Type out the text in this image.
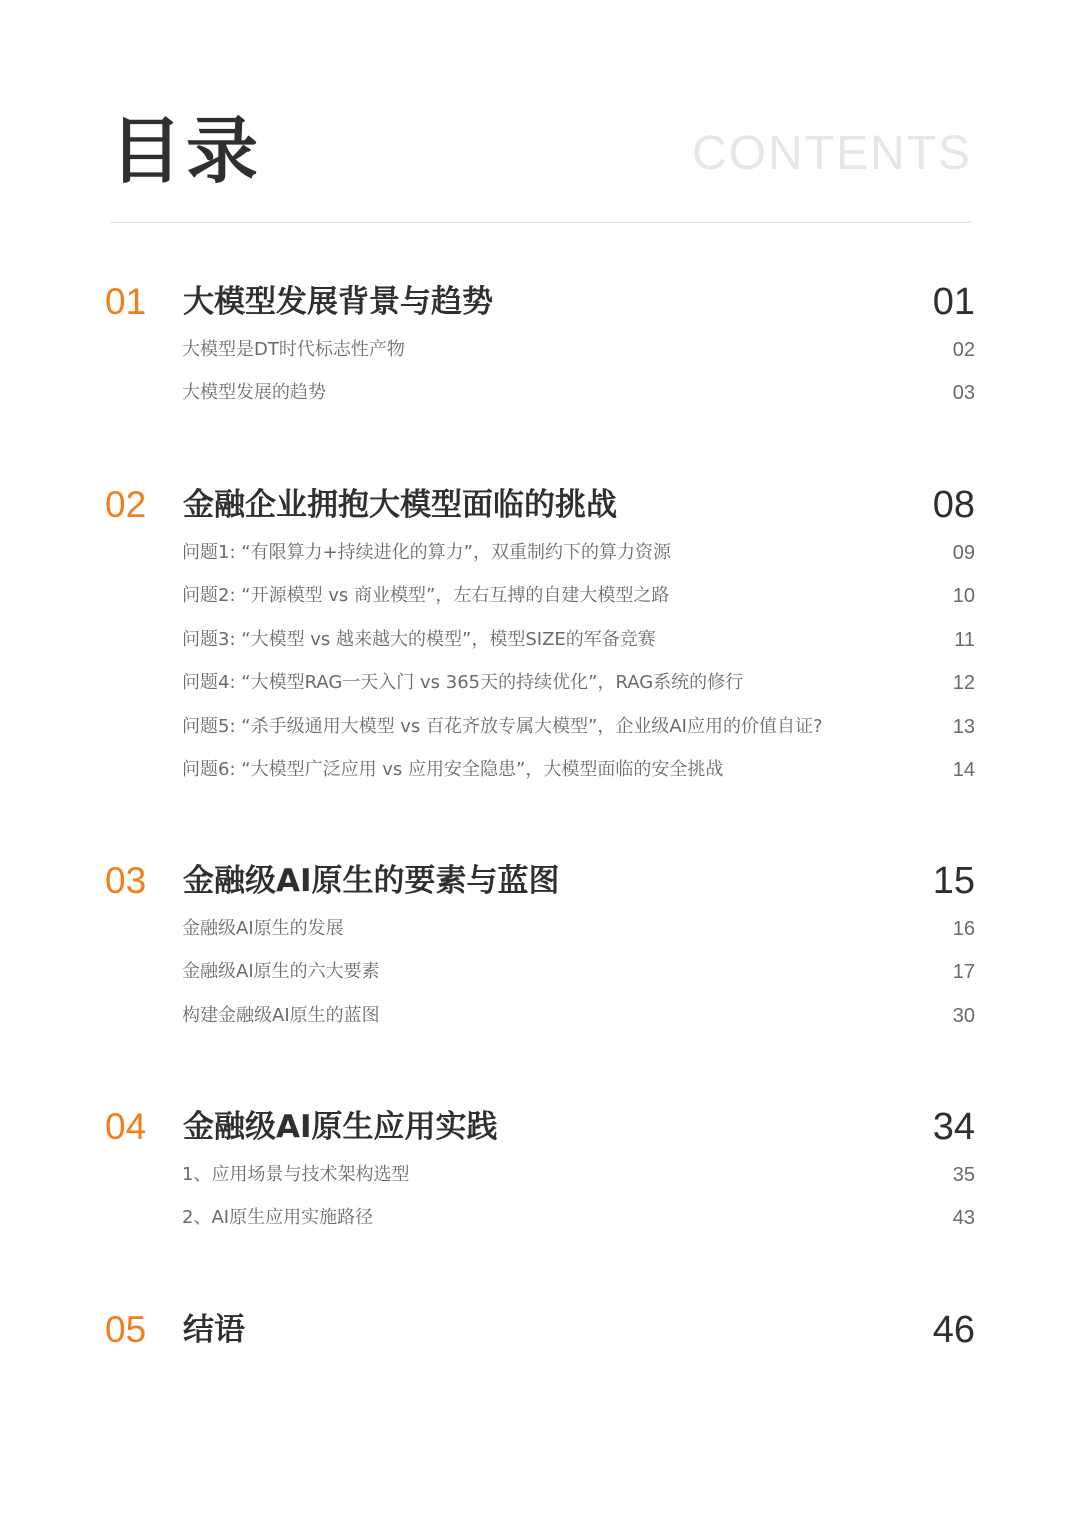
目录	CONTENTS
01 大模型发展背景与趋势	01
大模型是DT时代标志性产物	02
大模型发展的趋势	03
02 金融企业拥抱大模型面临的挑战	08
问题1: “有限算力+持续进化的算力”，双重制约下的算力资源	09
问题2: “开源模型 vs 商业模型”，左右互搏的自建大模型之路	10
问题3: “大模型 vs 越来越大的模型”，模型SIZE的军备竞赛	11
问题4: “大模型RAG一天入门 vs 365天的持续优化”，RAG系统的修行	12
问题5: “杀手级通用大模型 vs 百花齐放专属大模型”，企业级AI应用的价值自证?	13
问题6: “大模型广泛应用 vs 应用安全隐患”，大模型面临的安全挑战	14
03 金融级AI原生的要素与蓝图	15
金融级AI原生的发展	16
金融级AI原生的六大要素	17
构建金融级AI原生的蓝图	30
04 金融级AI原生应用实践	34
1、应用场景与技术架构选型	35
2、AI原生应用实施路径	43
05 结语	46
